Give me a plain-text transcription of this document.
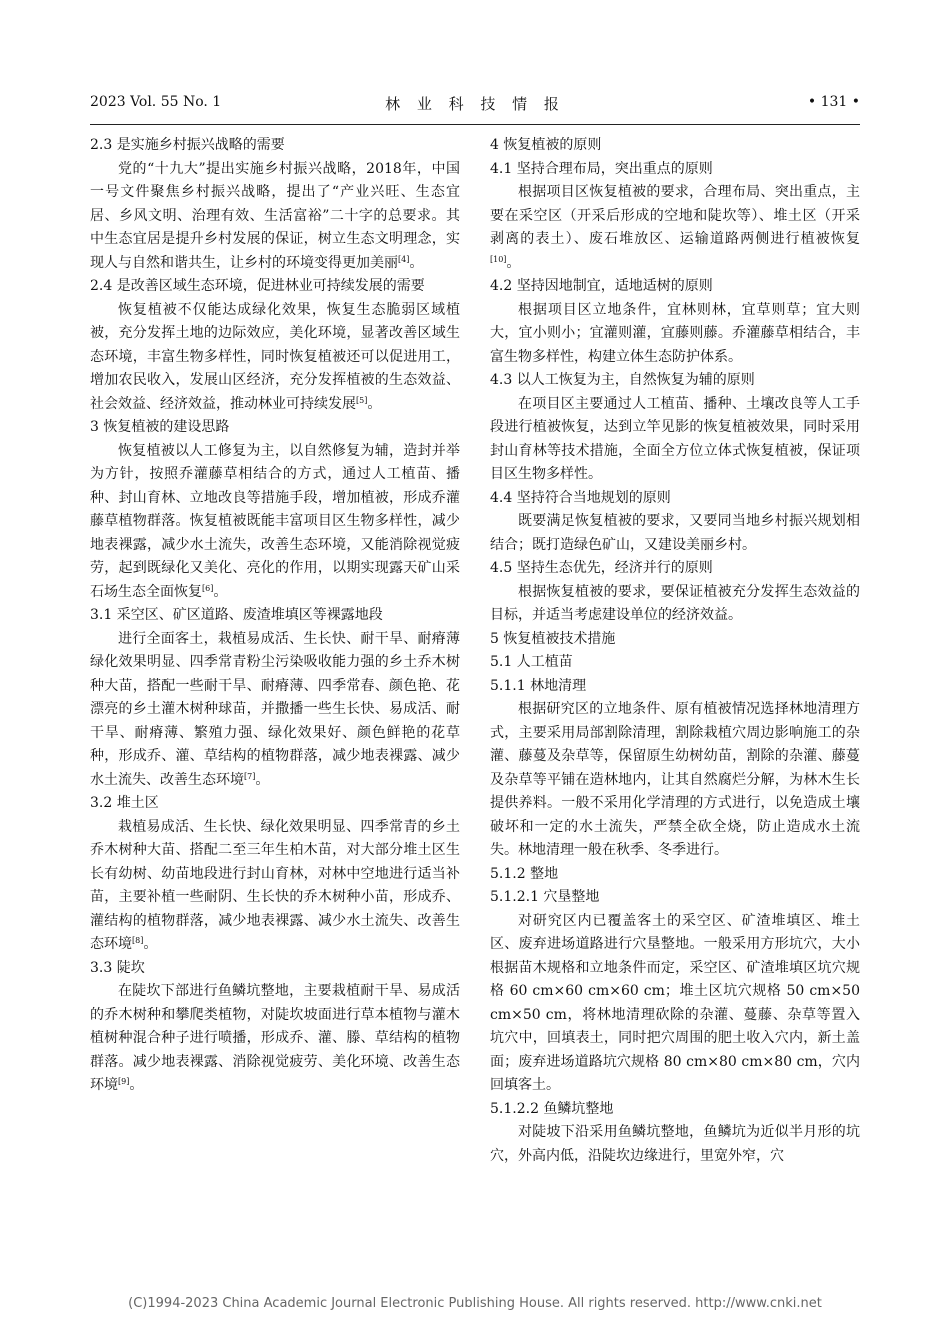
2023 Vol. 55 No. 1	林 业 科 技 情 报	• 131 •
2.3 是实施乡村振兴战略的需要
党的“十九大”提出实施乡村振兴战略，2018年，中国一号文件聚焦乡村振兴战略，提出了“产业兴旺、生态宜居、乡风文明、治理有效、生活富裕”二十字的总要求。其中生态宜居是提升乡村发展的保证，树立生态文明理念，实现人与自然和谐共生，让乡村的环境变得更加美丽[4]。
2.4 是改善区域生态环境，促进林业可持续发展的需要
恢复植被不仅能达成绿化效果，恢复生态脆弱区域植被，充分发挥土地的边际效应，美化环境，显著改善区域生态环境，丰富生物多样性，同时恢复植被还可以促进用工，增加农民收入，发展山区经济，充分发挥植被的生态效益、社会效益、经济效益，推动林业可持续发展[5]。
3 恢复植被的建设思路
恢复植被以人工修复为主，以自然修复为辅，造封并举为方针，按照乔灌藤草相结合的方式，通过人工植苗、播种、封山育林、立地改良等措施手段，增加植被，形成乔灌藤草植物群落。恢复植被既能丰富项目区生物多样性，减少地表裸露，减少水土流失，改善生态环境，又能消除视觉疲劳，起到既绿化又美化、亮化的作用，以期实现露天矿山采石场生态全面恢复[6]。
3.1 采空区、矿区道路、废渣堆填区等裸露地段
进行全面客土，栽植易成活、生长快、耐干旱、耐瘠薄绿化效果明显、四季常青粉尘污染吸收能力强的乡土乔木树种大苗，搭配一些耐干旱、耐瘠薄、四季常春、颜色艳、花漂亮的乡土灌木树种球苗，并撒播一些生长快、易成活、耐干旱、耐瘠薄、繁殖力强、绿化效果好、颜色鲜艳的花草种，形成乔、灌、草结构的植物群落，减少地表裸露、减少水土流失、改善生态环境[7]。
3.2 堆土区
栽植易成活、生长快、绿化效果明显、四季常青的乡土乔木树种大苗、搭配二至三年生柏木苗，对大部分堆土区生长有幼树、幼苗地段进行封山育林，对林中空地进行适当补苗，主要补植一些耐阴、生长快的乔木树种小苗，形成乔、灌结构的植物群落，减少地表裸露、减少水土流失、改善生态环境[8]。
3.3 陡坎
在陡坎下部进行鱼鳞坑整地，主要栽植耐干旱、易成活的乔木树种和攀爬类植物，对陡坎坡面进行草本植物与灌木植树种混合种子进行喷播，形成乔、灌、滕、草结构的植物群落。减少地表裸露、消除视觉疲劳、美化环境、改善生态环境[9]。
4 恢复植被的原则
4.1 坚持合理布局，突出重点的原则
根据项目区恢复植被的要求，合理布局、突出重点，主要在采空区（开采后形成的空地和陡坎等）、堆土区（开采剥离的表土）、废石堆放区、运输道路两侧进行植被恢复[10]。
4.2 坚持因地制宜，适地适树的原则
根据项目区立地条件，宜林则林，宜草则草；宜大则大，宜小则小；宜灌则灌，宜藤则藤。乔灌藤草相结合，丰富生物多样性，构建立体生态防护体系。
4.3 以人工恢复为主，自然恢复为辅的原则
在项目区主要通过人工植苗、播种、土壤改良等人工手段进行植被恢复，达到立竿见影的恢复植被效果，同时采用封山育林等技术措施，全面全方位立体式恢复植被，保证项目区生物多样性。
4.4 坚持符合当地规划的原则
既要满足恢复植被的要求，又要同当地乡村振兴规划相结合；既打造绿色矿山，又建设美丽乡村。
4.5 坚持生态优先，经济并行的原则
根据恢复植被的要求，要保证植被充分发挥生态效益的目标，并适当考虑建设单位的经济效益。
5 恢复植被技术措施
5.1 人工植苗
5.1.1 林地清理
根据研究区的立地条件、原有植被情况选择林地清理方式，主要采用局部割除清理，割除栽植穴周边影响施工的杂灌、藤蔓及杂草等，保留原生幼树幼苗，割除的杂灌、藤蔓及杂草等平铺在造林地内，让其自然腐烂分解，为林木生长提供养料。一般不采用化学清理的方式进行，以免造成土壤破坏和一定的水土流失，严禁全砍全烧，防止造成水土流失。林地清理一般在秋季、冬季进行。
5.1.2 整地
5.1.2.1 穴垦整地
对研究区内已覆盖客土的采空区、矿渣堆填区、堆土区、废弃进场道路进行穴垦整地。一般采用方形坑穴，大小根据苗木规格和立地条件而定，采空区、矿渣堆填区坑穴规格 60 cm×60 cm×60 cm；堆土区坑穴规格 50 cm×50 cm×50 cm，将林地清理砍除的杂灌、蔓藤、杂草等置入坑穴中，回填表土，同时把穴周围的肥土收入穴内，新土盖面；废弃进场道路坑穴规格 80 cm×80 cm×80 cm，穴内回填客土。
5.1.2.2 鱼鳞坑整地
对陡坡下沿采用鱼鳞坑整地，鱼鳞坑为近似半月形的坑穴，外高内低，沿陡坎边缘进行，里宽外窄，穴
(C)1994-2023 China Academic Journal Electronic Publishing House. All rights reserved. http://www.cnki.net
